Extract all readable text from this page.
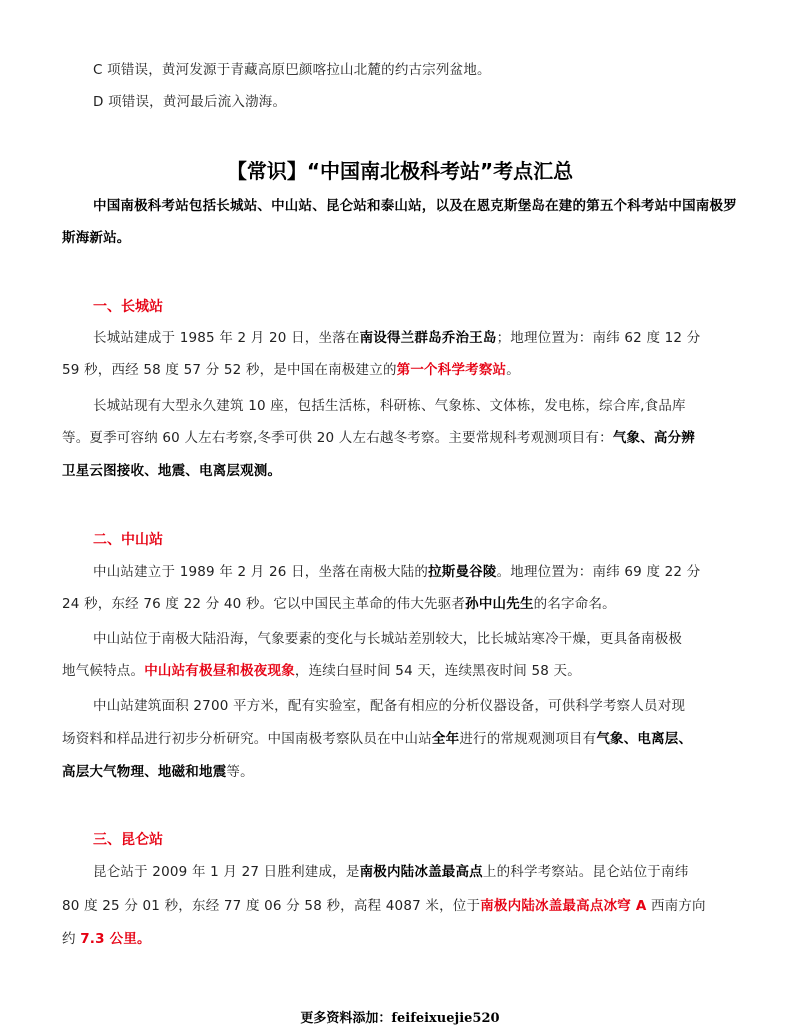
C 项错误，黄河发源于青藏高原巴颜喀拉山北麓的约古宗列盆地。
D 项错误，黄河最后流入渤海。
【常识】“中国南北极科考站”考点汇总
中国南极科考站包括长城站、中山站、昆仑站和泰山站，以及在恩克斯堡岛在建的第五个科考站中国南极罗
斯海新站。
一、长城站
长城站建成于 1985 年 2 月 20 日，坐落在南设得兰群岛乔治王岛；地理位置为：南纬 62 度 12 分
59 秒，西经 58 度 57 分 52 秒，是中国在南极建立的第一个科学考察站。
长城站现有大型永久建筑 10 座，包括生活栋，科研栋、气象栋、文体栋，发电栋，综合库,食品库
等。夏季可容纳 60 人左右考察,冬季可供 20 人左右越冬考察。主要常规科考观测项目有：气象、高分辨
卫星云图接收、地震、电离层观测。
二、中山站
中山站建立于 1989 年 2 月 26 日，坐落在南极大陆的拉斯曼谷陵。地理位置为：南纬 69 度 22 分
24 秒，东经 76 度 22 分 40 秒。它以中国民主革命的伟大先驱者孙中山先生的名字命名。
中山站位于南极大陆沿海，气象要素的变化与长城站差别较大，比长城站寒冷干燥，更具备南极极
地气候特点。中山站有极昼和极夜现象，连续白昼时间 54 天，连续黑夜时间 58 天。
中山站建筑面积 2700 平方米，配有实验室，配备有相应的分析仪器设备，可供科学考察人员对现
场资料和样品进行初步分析研究。中国南极考察队员在中山站全年进行的常规观测项目有气象、电离层、
高层大气物理、地磁和地震等。
三、昆仑站
昆仑站于 2009 年 1 月 27 日胜利建成，是南极内陆冰盖最高点上的科学考察站。昆仑站位于南纬
80 度 25 分 01 秒，东经 77 度 06 分 58 秒，高程 4087 米，位于南极内陆冰盖最高点冰穹 A 西南方向
约 7.3 公里。
更多资料添加：feifeixuejie520
